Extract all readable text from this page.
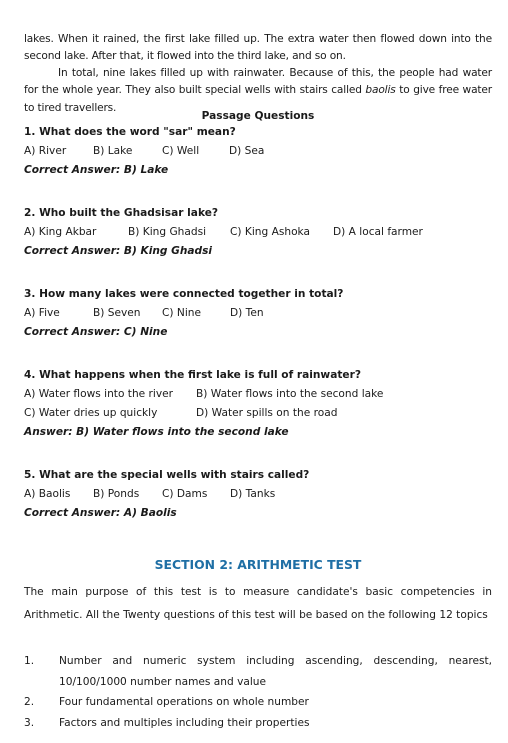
lakes. When it rained, the first lake filled up. The extra water then flowed down into the second lake. After that, it flowed into the third lake, and so on.

In total, nine lakes filled up with rainwater. Because of this, the people had water for the whole year. They also built special wells with stairs called baolis to give free water to tired travellers.

Passage Questions

1. What does the word "sar" mean?

A) River	B) Lake	C) Well	D) Sea

Correct Answer: B) Lake

2. Who built the Ghadsisar lake?

A) King Akbar	B) King Ghadsi C) King Ashoka D) A local farmer

Correct Answer: B) King Ghadsi

3. How many lakes were connected together in total?

A) Five	B) Seven C) Nine	D) Ten

Correct Answer: C) Nine

4. What happens when the first lake is full of rainwater?

A) Water flows into the river B) Water flows into the second lake
C) Water dries up quickly	D) Water spills on the road

Answer: B) Water flows into the second lake

5. What are the special wells with stairs called?

A) Baolis B) Ponds C) Dams D) Tanks

Correct Answer: A) Baolis

SECTION 2: ARITHMETIC TEST

The main purpose of this test is to measure candidate's basic competencies in Arithmetic. All the Twenty questions of this test will be based on the following 12 topics

1. Number and numeric system including ascending, descending, nearest, 10/100/1000 number names and value
2. Four fundamental operations on whole number
3. Factors and multiples including their properties
